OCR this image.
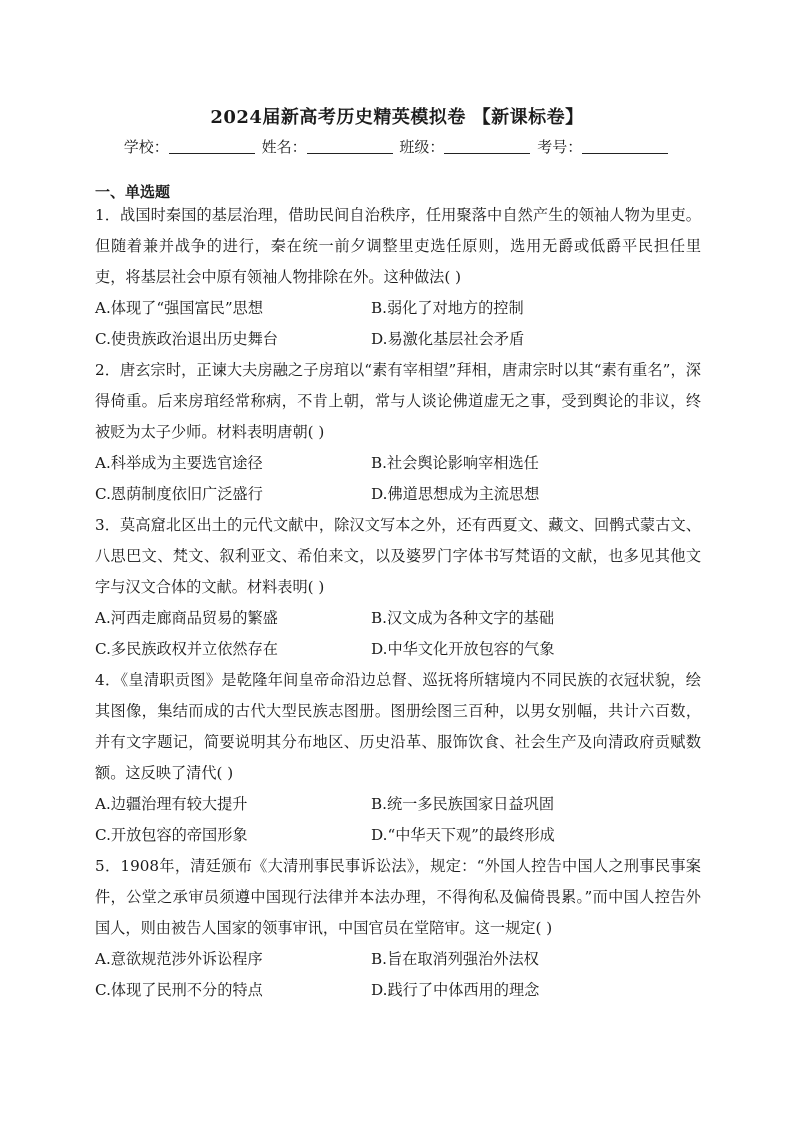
2024届新高考历史精英模拟卷 【新课标卷】
学校：	姓名：	班级：	考号：
一、单选题

1．战国时秦国的基层治理，借助民间自治秩序，任用聚落中自然产生的领袖人物为里吏。 但随着兼并战争的进行，秦在统一前夕调整里吏选任原则，选用无爵或低爵平民担任里吏，将基层社会中原有领袖人物排除在外。这种做法( )

A.体现了“强国富民”思想	B.弱化了对地方的控制
C.使贵族政治退出历史舞台	D.易激化基层社会矛盾

2．唐玄宗时，正谏大夫房融之子房琯以“素有宰相望”拜相，唐肃宗时以其“素有重名”，深得倚重。后来房琯经常称病，不肯上朝，常与人谈论佛道虚无之事，受到舆论的非议，终被贬为太子少师。材料表明唐朝( )

A.科举成为主要选官途径	B.社会舆论影响宰相选任
C.恩荫制度依旧广泛盛行	D.佛道思想成为主流思想

3．莫高窟北区出土的元代文献中，除汉文写本之外，还有西夏文、藏文、回鹘式蒙古文、八思巴文、梵文、叙利亚文、希伯来文，以及婆罗门字体书写梵语的文献，也多见其他文字与汉文合体的文献。材料表明( )

A.河西走廊商品贸易的繁盛	B.汉文成为各种文字的基础
C.多民族政权并立依然存在	D.中华文化开放包容的气象

4．《皇清职贡图》是乾隆年间皇帝命沿边总督、巡抚将所辖境内不同民族的衣冠状貌，绘其图像，集结而成的古代大型民族志图册。图册绘图三百种，以男女别幅，共计六百数，并有文字题记，简要说明其分布地区、历史沿革、服饰饮食、社会生产及向清政府贡赋数额。这反映了清代( )

A.边疆治理有较大提升	B.统一多民族国家日益巩固
C.开放包容的帝国形象	D.“中华天下观”的最终形成

5．1908年，清廷颁布《大清刑事民事诉讼法》，规定：“外国人控告中国人之刑事民事案件，公堂之承审员须遵中国现行法律并本法办理，不得徇私及偏倚畏累。”而中国人控告外国人，则由被告人国家的领事审讯，中国官员在堂陪审。这一规定( )

A.意欲规范涉外诉讼程序	B.旨在取消列强治外法权
C.体现了民刑不分的特点	D.践行了中体西用的理念
